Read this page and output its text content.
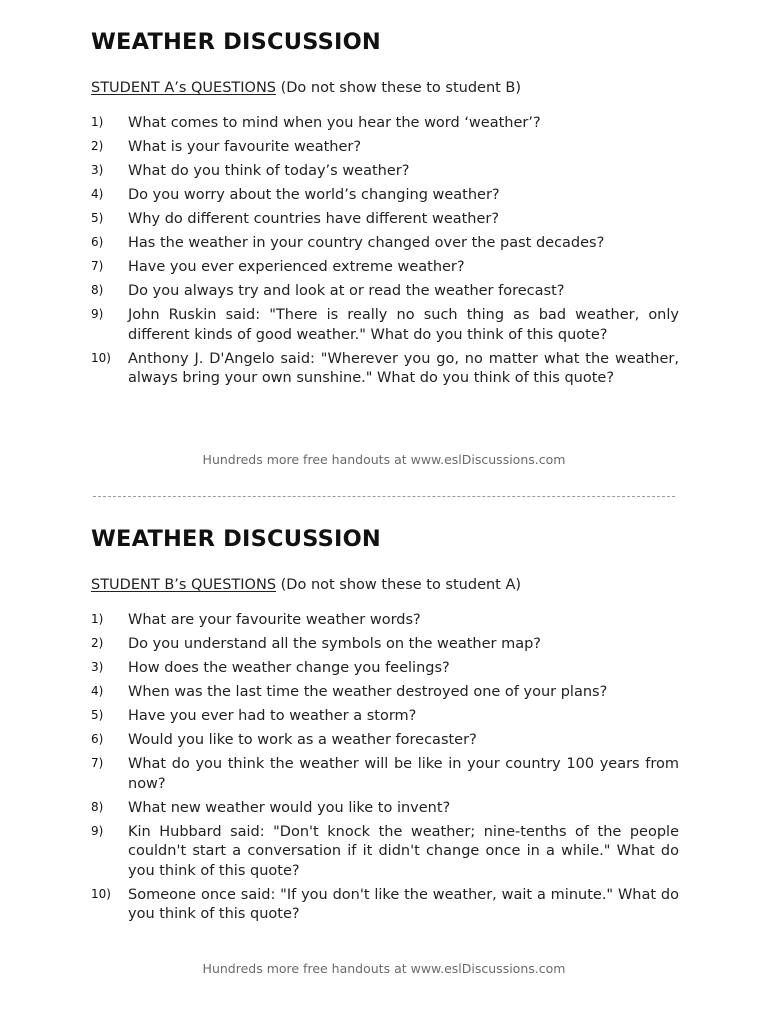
WEATHER DISCUSSION
STUDENT A’s QUESTIONS (Do not show these to student B)
1)	What comes to mind when you hear the word ‘weather’?
2)	What is your favourite weather?
3)	What do you think of today’s weather?
4)	Do you worry about the world’s changing weather?
5)	Why do different countries have different weather?
6)	Has the weather in your country changed over the past decades?
7)	Have you ever experienced extreme weather?
8)	Do you always try and look at or read the weather forecast?
9)	John Ruskin said: "There is really no such thing as bad weather, only different kinds of good weather." What do you think of this quote?
10)	Anthony J. D'Angelo said: "Wherever you go, no matter what the weather, always bring your own sunshine." What do you think of this quote?
Hundreds more free handouts at www.eslDiscussions.com
WEATHER DISCUSSION
STUDENT B’s QUESTIONS (Do not show these to student A)
1)	What are your favourite weather words?
2)	Do you understand all the symbols on the weather map?
3)	How does the weather change you feelings?
4)	When was the last time the weather destroyed one of your plans?
5)	Have you ever had to weather a storm?
6)	Would you like to work as a weather forecaster?
7)	What do you think the weather will be like in your country 100 years from now?
8)	What new weather would you like to invent?
9)	Kin Hubbard said: "Don't knock the weather; nine-tenths of the people couldn't start a conversation if it didn't change once in a while." What do you think of this quote?
10)	Someone once said: "If you don't like the weather, wait a minute." What do you think of this quote?
Hundreds more free handouts at www.eslDiscussions.com
